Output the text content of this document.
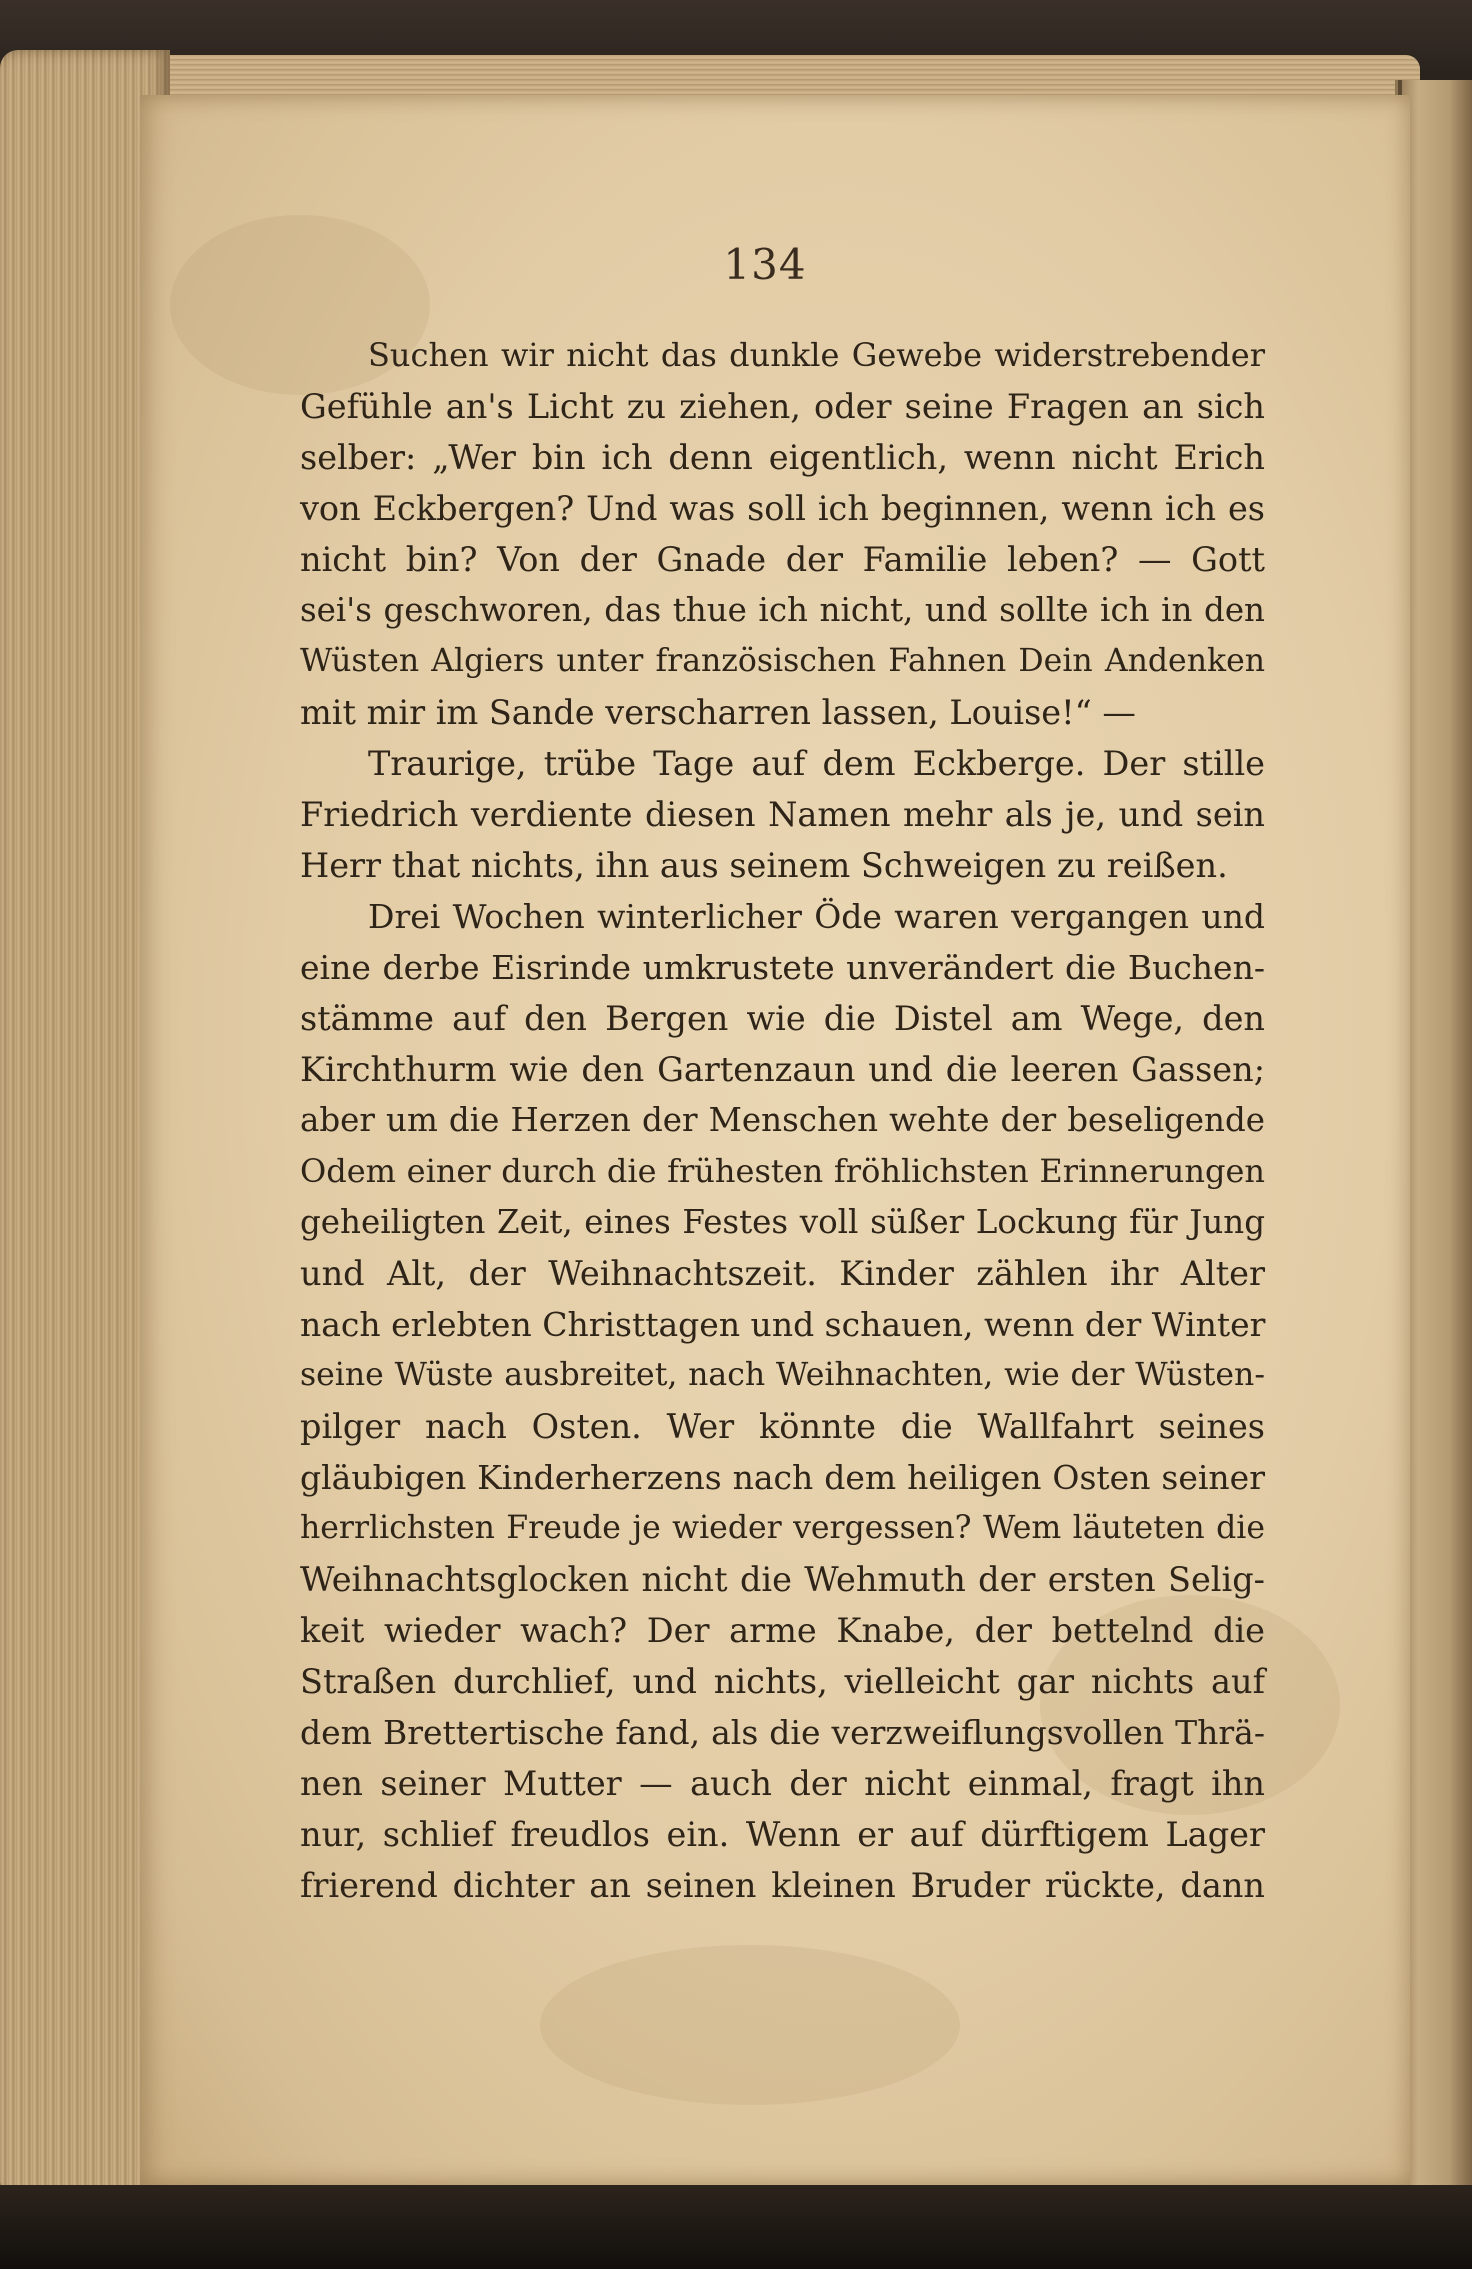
134
Suchen wir nicht das dunkle Gewebe widerstrebender
Gefühle an's Licht zu ziehen, oder seine Fragen an sich
selber: „Wer bin ich denn eigentlich, wenn nicht Erich
von Eckbergen? Und was soll ich beginnen, wenn ich es
nicht bin? Von der Gnade der Familie leben? — Gott
sei's geschworen, das thue ich nicht, und sollte ich in den
Wüsten Algiers unter französischen Fahnen Dein Andenken
mit mir im Sande verscharren lassen, Louise!“ —
Traurige, trübe Tage auf dem Eckberge. Der stille
Friedrich verdiente diesen Namen mehr als je, und sein
Herr that nichts, ihn aus seinem Schweigen zu reißen.
Drei Wochen winterlicher Öde waren vergangen und
eine derbe Eisrinde umkrustete unverändert die Buchen-
stämme auf den Bergen wie die Distel am Wege, den
Kirchthurm wie den Gartenzaun und die leeren Gassen;
aber um die Herzen der Menschen wehte der beseligende
Odem einer durch die frühesten fröhlichsten Erinnerungen
geheiligten Zeit, eines Festes voll süßer Lockung für Jung
und Alt, der Weihnachtszeit. Kinder zählen ihr Alter
nach erlebten Christtagen und schauen, wenn der Winter
seine Wüste ausbreitet, nach Weihnachten, wie der Wüsten-
pilger nach Osten. Wer könnte die Wallfahrt seines
gläubigen Kinderherzens nach dem heiligen Osten seiner
herrlichsten Freude je wieder vergessen? Wem läuteten die
Weihnachtsglocken nicht die Wehmuth der ersten Selig-
keit wieder wach? Der arme Knabe, der bettelnd die
Straßen durchlief, und nichts, vielleicht gar nichts auf
dem Brettertische fand, als die verzweiflungsvollen Thrä-
nen seiner Mutter — auch der nicht einmal, fragt ihn
nur, schlief freudlos ein. Wenn er auf dürftigem Lager
frierend dichter an seinen kleinen Bruder rückte, dann
